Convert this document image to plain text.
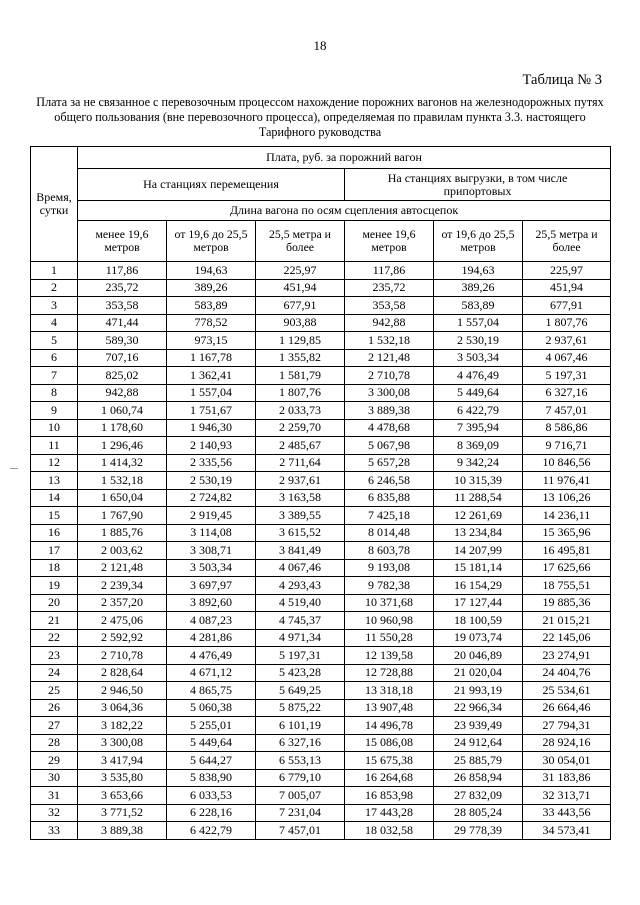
18
Таблица № 3
Плата за не связанное с перевозочным процессом нахождение порожних вагонов на железнодорожных путях общего пользования (вне перевозочного процесса), определяемая по правилам пункта 3.3. настоящего Тарифного руководства
Время, сутки	Плата, руб. за порожний вагон					
	На станциях перемещения			На станциях выгрузки, в том числе припортовых		
	Длина вагона по осям сцепления автосцепок					
	менее 19,6 метров	от 19,6 до 25,5 метров	25,5 метра и более	менее 19,6 метров	от 19,6 до 25,5 метров	25,5 метра и более
1	117,86	194,63	225,97	117,86	194,63	225,97
2	235,72	389,26	451,94	235,72	389,26	451,94
3	353,58	583,89	677,91	353,58	583,89	677,91
4	471,44	778,52	903,88	942,88	1 557,04	1 807,76
5	589,30	973,15	1 129,85	1 532,18	2 530,19	2 937,61
6	707,16	1 167,78	1 355,82	2 121,48	3 503,34	4 067,46
7	825,02	1 362,41	1 581,79	2 710,78	4 476,49	5 197,31
8	942,88	1 557,04	1 807,76	3 300,08	5 449,64	6 327,16
9	1 060,74	1 751,67	2 033,73	3 889,38	6 422,79	7 457,01
10	1 178,60	1 946,30	2 259,70	4 478,68	7 395,94	8 586,86
11	1 296,46	2 140,93	2 485,67	5 067,98	8 369,09	9 716,71
12	1 414,32	2 335,56	2 711,64	5 657,28	9 342,24	10 846,56
13	1 532,18	2 530,19	2 937,61	6 246,58	10 315,39	11 976,41
14	1 650,04	2 724,82	3 163,58	6 835,88	11 288,54	13 106,26
15	1 767,90	2 919,45	3 389,55	7 425,18	12 261,69	14 236,11
16	1 885,76	3 114,08	3 615,52	8 014,48	13 234,84	15 365,96
17	2 003,62	3 308,71	3 841,49	8 603,78	14 207,99	16 495,81
18	2 121,48	3 503,34	4 067,46	9 193,08	15 181,14	17 625,66
19	2 239,34	3 697,97	4 293,43	9 782,38	16 154,29	18 755,51
20	2 357,20	3 892,60	4 519,40	10 371,68	17 127,44	19 885,36
21	2 475,06	4 087,23	4 745,37	10 960,98	18 100,59	21 015,21
22	2 592,92	4 281,86	4 971,34	11 550,28	19 073,74	22 145,06
23	2 710,78	4 476,49	5 197,31	12 139,58	20 046,89	23 274,91
24	2 828,64	4 671,12	5 423,28	12 728,88	21 020,04	24 404,76
25	2 946,50	4 865,75	5 649,25	13 318,18	21 993,19	25 534,61
26	3 064,36	5 060,38	5 875,22	13 907,48	22 966,34	26 664,46
27	3 182,22	5 255,01	6 101,19	14 496,78	23 939,49	27 794,31
28	3 300,08	5 449,64	6 327,16	15 086,08	24 912,64	28 924,16
29	3 417,94	5 644,27	6 553,13	15 675,38	25 885,79	30 054,01
30	3 535,80	5 838,90	6 779,10	16 264,68	26 858,94	31 183,86
31	3 653,66	6 033,53	7 005,07	16 853,98	27 832,09	32 313,71
32	3 771,52	6 228,16	7 231,04	17 443,28	28 805,24	33 443,56
33	3 889,38	6 422,79	7 457,01	18 032,58	29 778,39	34 573,41
